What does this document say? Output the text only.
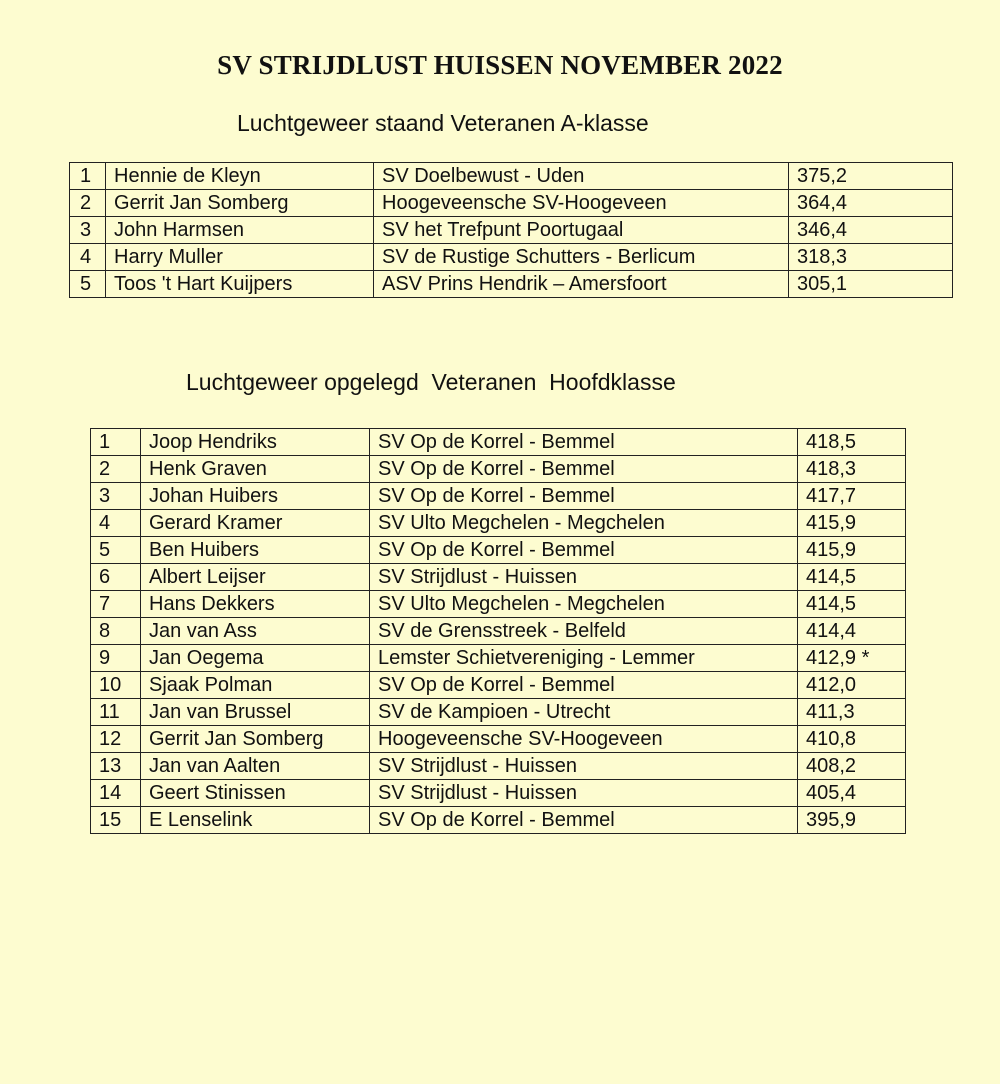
SV STRIJDLUST HUISSEN NOVEMBER 2022
Luchtgeweer staand Veteranen A-klasse
1	Hennie de Kleyn	SV Doelbewust - Uden	375,2
2	Gerrit Jan Somberg	Hoogeveensche SV-Hoogeveen	364,4
3	John Harmsen	SV het Trefpunt Poortugaal	346,4
4	Harry Muller	SV de Rustige Schutters - Berlicum	318,3
5	Toos 't Hart Kuijpers	ASV Prins Hendrik – Amersfoort	305,1
Luchtgeweer opgelegd  Veteranen  Hoofdklasse
1	Joop Hendriks	SV Op de Korrel - Bemmel	418,5
2	Henk Graven	SV Op de Korrel - Bemmel	418,3
3	Johan Huibers	SV Op de Korrel - Bemmel	417,7
4	Gerard Kramer	SV Ulto Megchelen - Megchelen	415,9
5	Ben Huibers	SV Op de Korrel - Bemmel	415,9
6	Albert Leijser	SV Strijdlust - Huissen	414,5
7	Hans Dekkers	SV Ulto Megchelen - Megchelen	414,5
8	Jan van Ass	SV de Grensstreek - Belfeld	414,4
9	Jan Oegema	Lemster Schietvereniging - Lemmer	412,9 *
10	Sjaak Polman	SV Op de Korrel - Bemmel	412,0
11	Jan van Brussel	SV de Kampioen - Utrecht	411,3
12	Gerrit Jan Somberg	Hoogeveensche SV-Hoogeveen	410,8
13	Jan van Aalten	SV Strijdlust - Huissen	408,2
14	Geert Stinissen	SV Strijdlust - Huissen	405,4
15	E Lenselink	SV Op de Korrel - Bemmel	395,9
